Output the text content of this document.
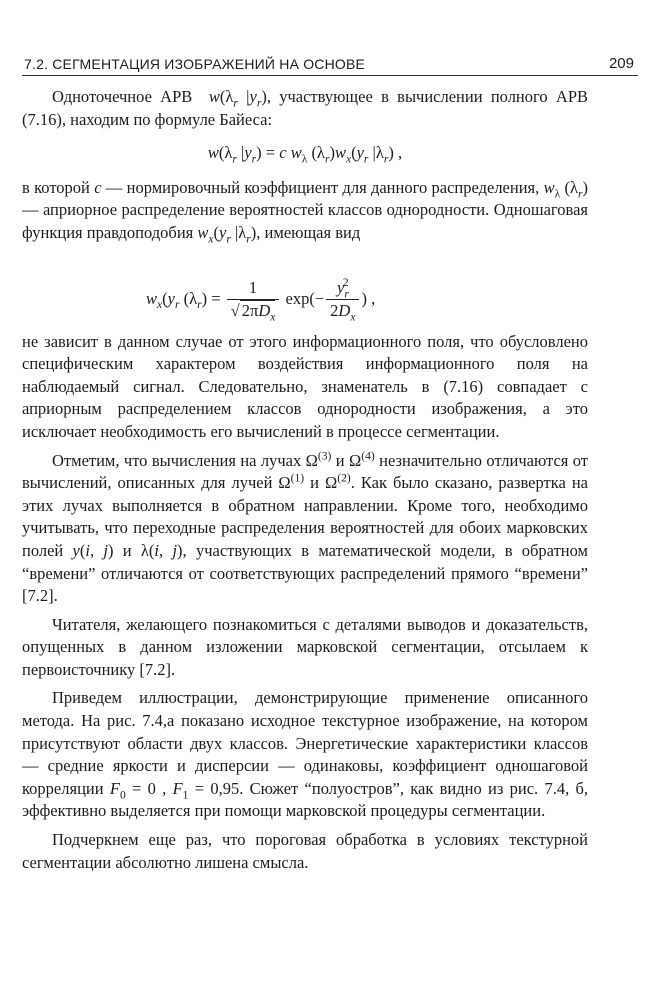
7.2. СЕГМЕНТАЦИЯ ИЗОБРАЖЕНИЙ НА ОСНОВЕ	209

Одноточечное АРВ $w(\lambda_r$ $|y_r$), участвующее в вычислении полного АРВ (7.16), находим по формуле Байеса:

$w(\lambda_r$ $|y_r) = c$ $w_\lambda$ $(\lambda_r)w_x(y_r$ $|\lambda_r$) ,

в которой c — нормировочный коэффициент для данного распределения, $w_\lambda$ $(\lambda_r)$ — априорное распределение вероятностей классов однородности. Одношаговая функция правдоподобия $w_x(y_r$ $|\lambda_r$), имеющая вид

$w_x(y_r$ $(\lambda_r) = \frac{1}{√ 2\pi D_x} \exp(- \frac{y_r^2}{2D_x}$ ) ,

не зависит в данном случае от этого информационного поля, что обусловлено специфическим характером воздействия информационного поля на наблюдаемый сигнал. Следовательно, знаменатель в (7.16) совпадает с априорным распределением классов однородности изображения, а это исключает необходимость его вычислений в процессе сегментации.

Отметим, что вычисления на лучах $\Omega^{(3)}$ и $\Omega^{(4)}$ незначительно отличаются от вычислений, описанных для лучей $\Omega^{(1)}$ и $\Omega^{(2)}$. Как было сказано, развертка на этих лучах выполняется в обратном направлении. Кроме того, необходимо учитывать, что переходные распределения вероятностей для обоих марковских полей y(i, j) и λ(i, j), участвующих в математической модели, в обратном “времени” отличаются от соответствующих распределений прямого “времени” [7.2].

Читателя, желающего познакомиться с деталями выводов и доказательств, опущенных в данном изложении марковской сегментации, отсылаем к первоисточнику [7.2].

Приведем иллюстрации, демонстрирующие применение описанного метода. На рис. 7.4,а показано исходное текстурное изображение, на котором присутствуют области двух классов. Энергетические характеристики классов — средние яркости и дисперсии — одинаковы, коэффициент одношаговой корреляции $F_0 = 0$ , $F_1 = 0,95$. Сюжет “полуостров”, как видно из рис. 7.4, б, эффективно выделяется при помощи марковской процедуры сегментации.

Подчеркнем еще раз, что пороговая обработка в условиях текстурной сегментации абсолютно лишена смысла.
